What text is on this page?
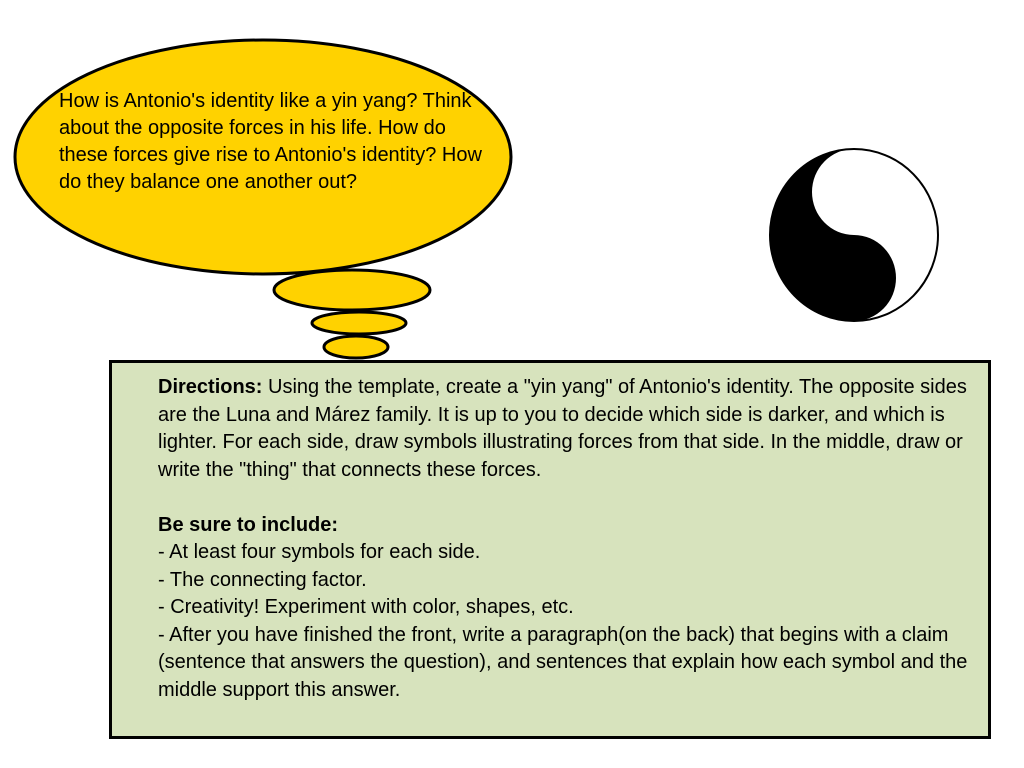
How is Antonio's identity like a yin yang? Think about the opposite forces in his life. How do these forces give rise to Antonio's identity? How do they balance one another out?

Directions: Using the template, create a "yin yang" of Antonio's identity. The opposite sides are the Luna and Márez family. It is up to you to decide which side is darker, and which is lighter. For each side, draw symbols illustrating forces from that side. In the middle, draw or write the "thing" that connects these forces.

Be sure to include:

- At least four symbols for each side.

- The connecting factor.

- Creativity! Experiment with color, shapes, etc.

- After you have finished the front, write a paragraph(on the back) that begins with a claim (sentence that answers the question), and sentences that explain how each symbol and the middle support this answer.
